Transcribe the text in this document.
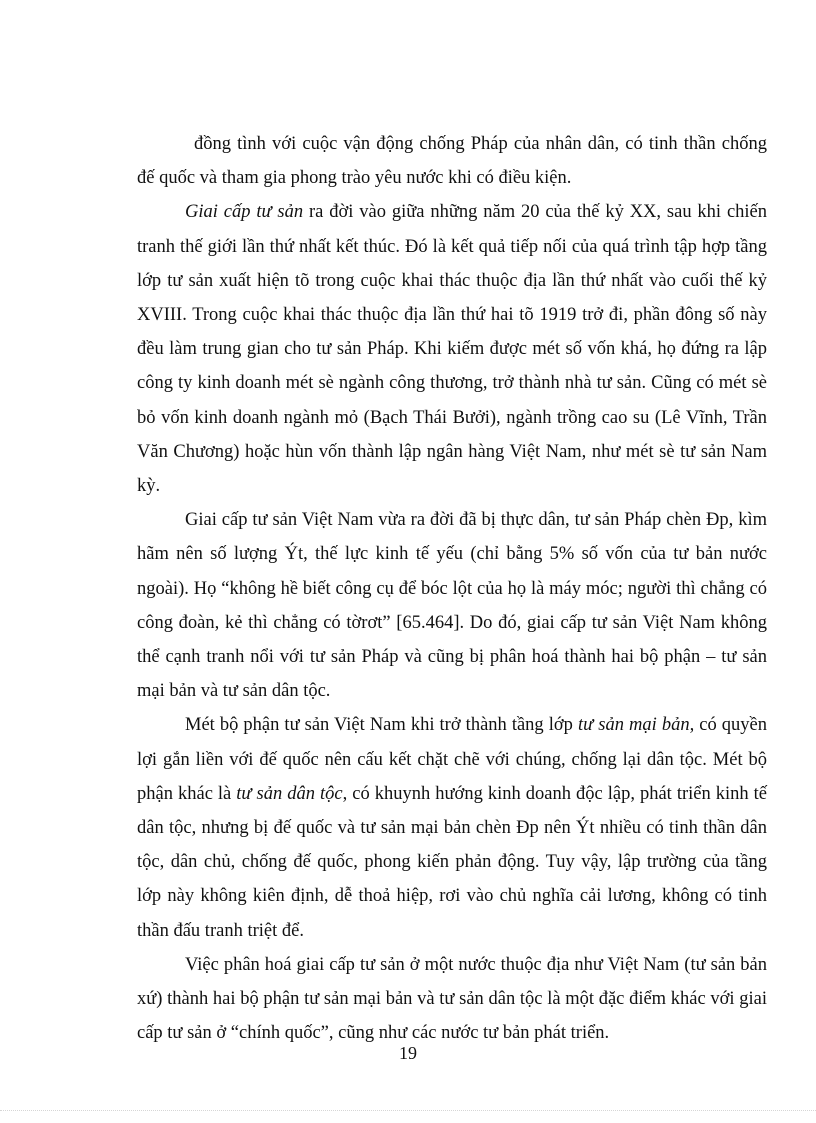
đồng tình với cuộc vận động chống Pháp của nhân dân, có tinh thần chống đế quốc và tham gia phong trào yêu nước khi có điều kiện.

Giai cấp tư sản ra đời vào giữa những năm 20 của thế kỷ XX, sau khi chiến tranh thế giới lần thứ nhất kết thúc. Đó là kết quả tiếp nối của quá trình tập hợp tầng lớp tư sản xuất hiện tõ trong cuộc khai thác thuộc địa lần thứ nhất vào cuối thế kỷ XVIII. Trong cuộc khai thác thuộc địa lần thứ hai tõ 1919 trở đi, phần đông số này đều làm trung gian cho tư sản Pháp. Khi kiếm được mét số vốn khá, họ đứng ra lập công ty kinh doanh mét sè ngành công thương, trở thành nhà tư sản. Cũng có mét sè bỏ vốn kinh doanh ngành mỏ (Bạch Thái Bưởi), ngành trồng cao su (Lê Vĩnh, Trần Văn Chương) hoặc hùn vốn thành lập ngân hàng Việt Nam, như mét sè tư sản Nam kỳ.

Giai cấp tư sản Việt Nam vừa ra đời đã bị thực dân, tư sản Pháp chèn Ðp, kìm hãm nên số lượng Ýt, thế lực kinh tế yếu (chỉ bằng 5% số vốn của tư bản nước ngoài). Họ “không hề biết công cụ để bóc lột của họ là máy móc; người thì chẳng có công đoàn, kẻ thì chẳng có tờrơt” [65.464]. Do đó, giai cấp tư sản Việt Nam không thể cạnh tranh nổi với tư sản Pháp và cũng bị phân hoá thành hai bộ phận – tư sản mại bản và tư sản dân tộc.

Mét bộ phận tư sản Việt Nam khi trở thành tầng lớp tư sản mại bản, có quyền lợi gắn liền với đế quốc nên cấu kết chặt chẽ với chúng, chống lại dân tộc. Mét bộ phận khác là tư sản dân tộc, có khuynh hướng kinh doanh độc lập, phát triển kinh tế dân tộc, nhưng bị đế quốc và tư sản mại bản chèn Ðp nên Ýt nhiều có tinh thần dân tộc, dân chủ, chống đế quốc, phong kiến phản động. Tuy vậy, lập trường của tầng lớp này không kiên định, dễ thoả hiệp, rơi vào chủ nghĩa cải lương, không có tinh thần đấu tranh triệt để.

Việc phân hoá giai cấp tư sản ở một nước thuộc địa như Việt Nam (tư sản bản xứ) thành hai bộ phận tư sản mại bản và tư sản dân tộc là một đặc điểm khác với giai cấp tư sản ở “chính quốc”, cũng như các nước tư bản phát triển.

19
